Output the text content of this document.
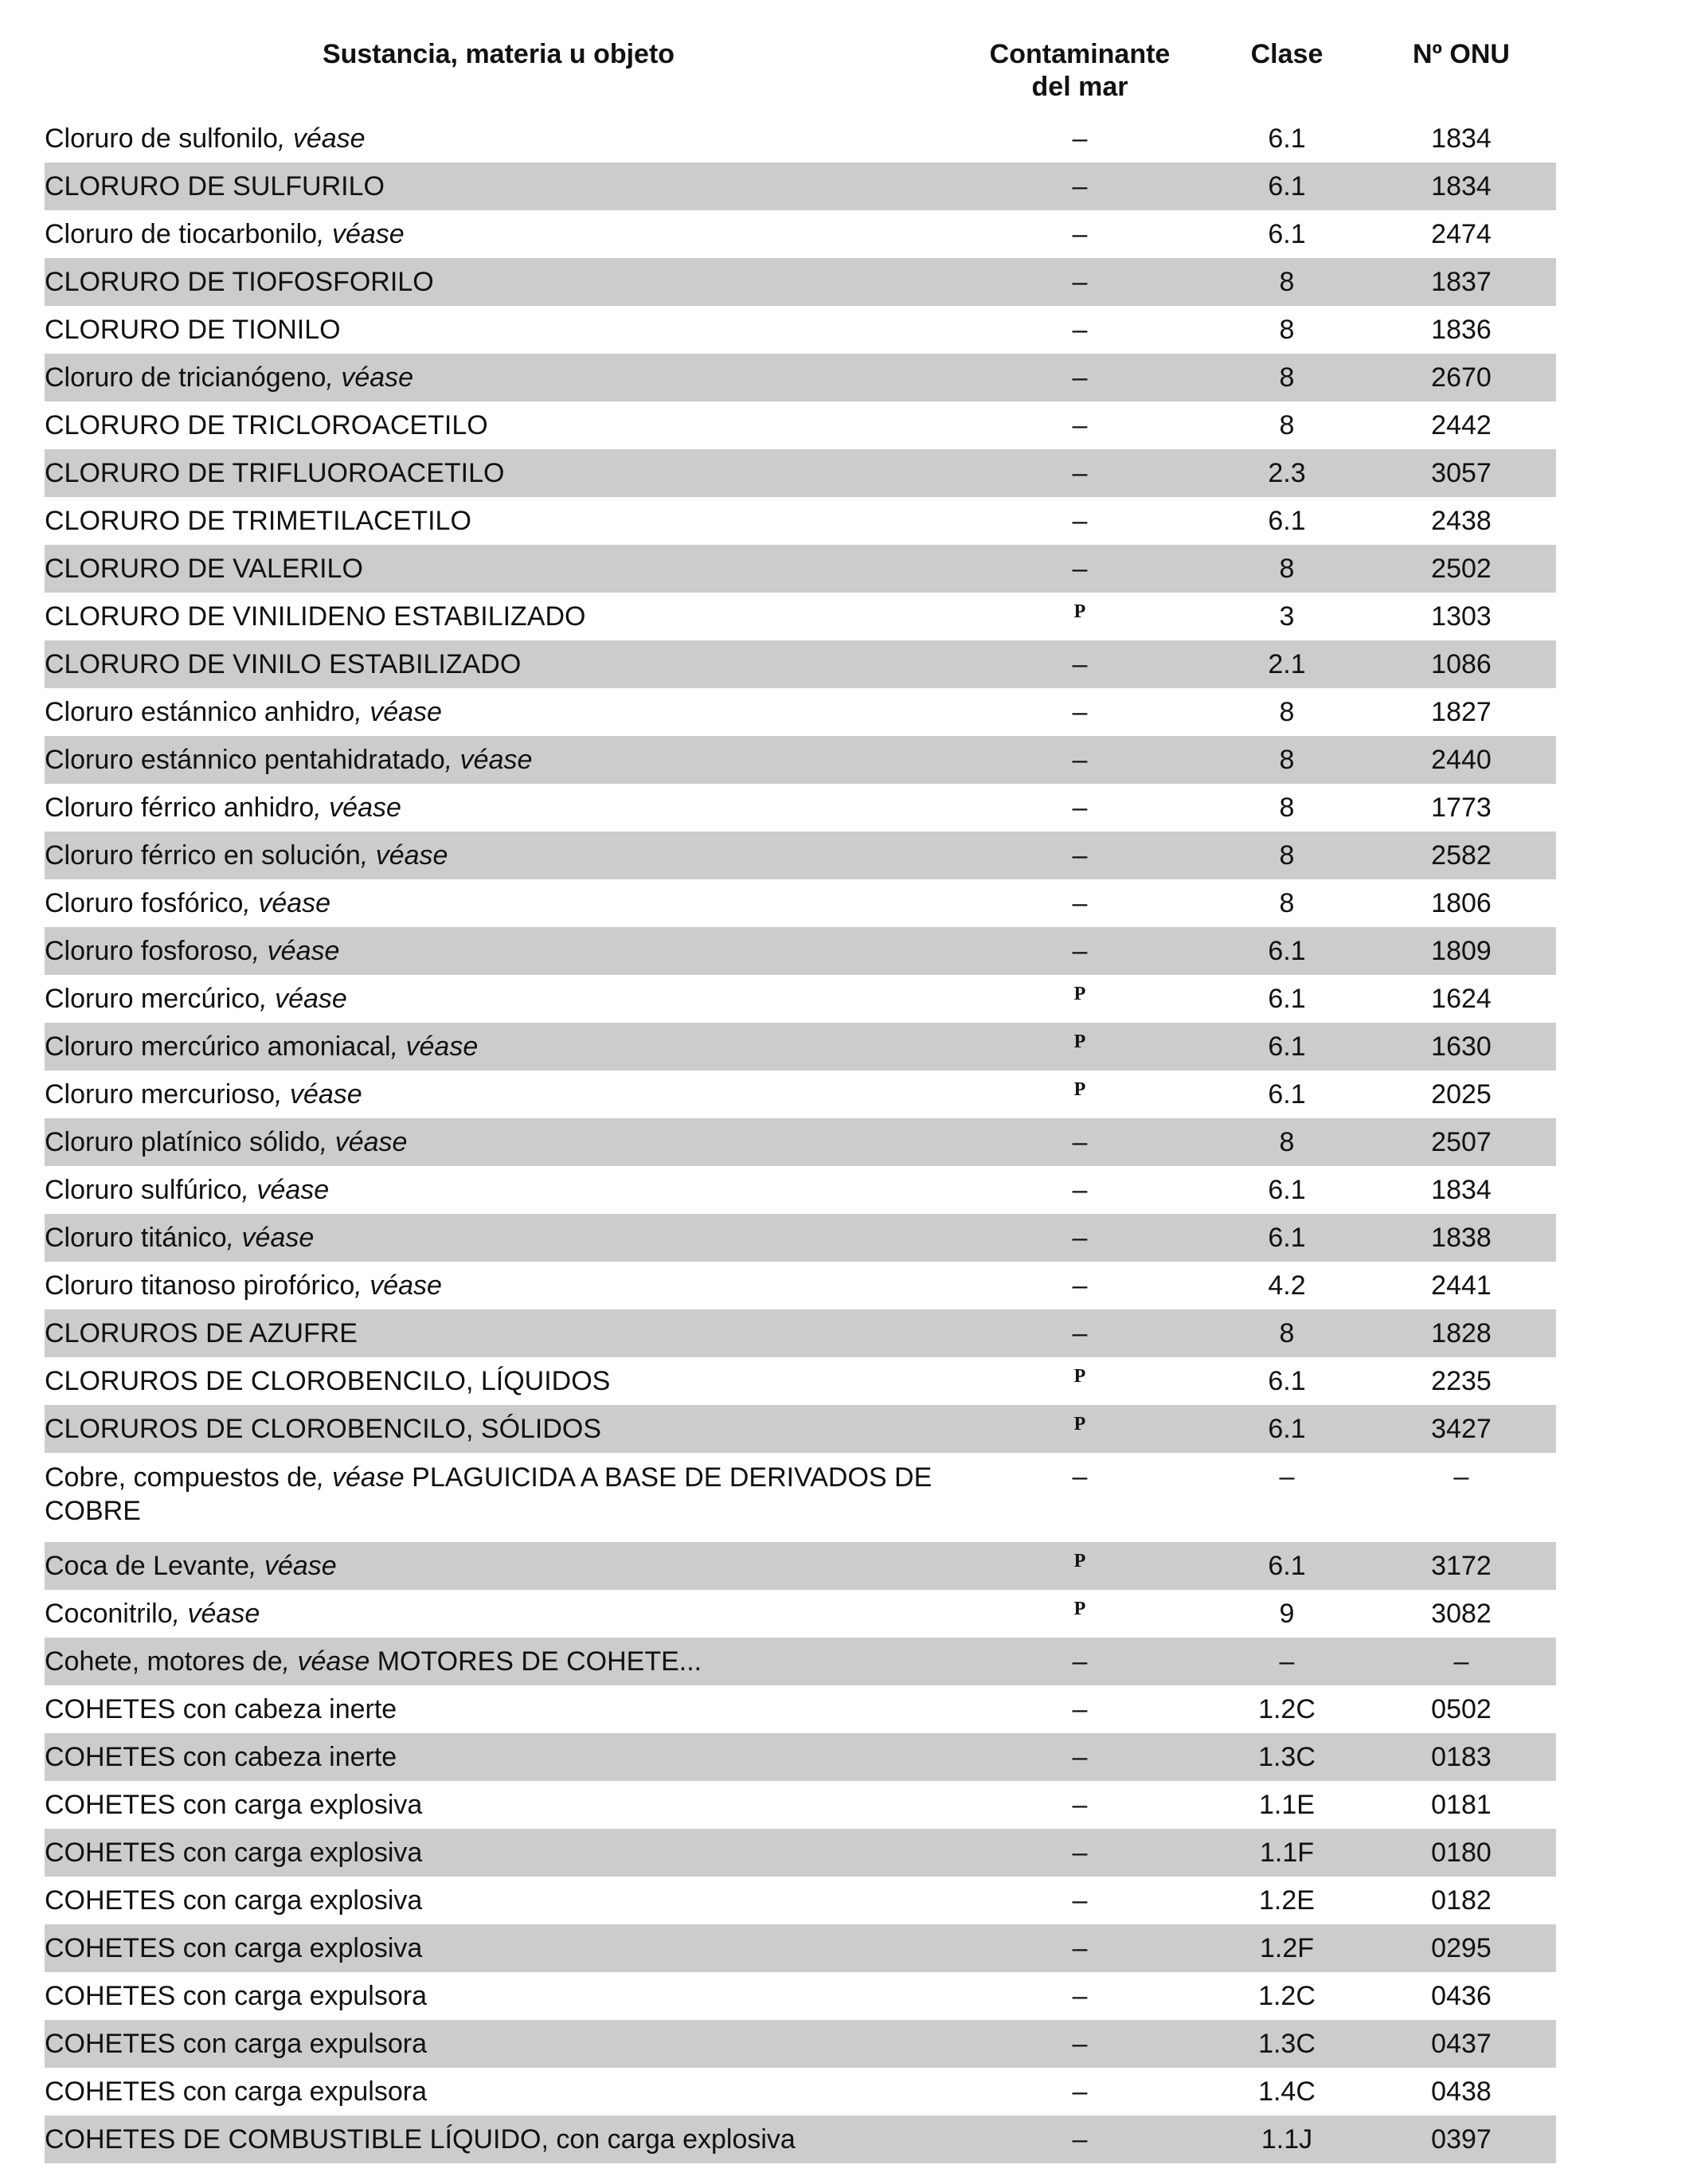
Sustancia, materia u objeto	Contaminante del mar	Clase	Nº ONU
Cloruro de sulfonilo, véase	–	6.1	1834
CLORURO DE SULFURILO	–	6.1	1834
Cloruro de tiocarbonilo, véase	–	6.1	2474
CLORURO DE TIOFOSFORILO	–	8	1837
CLORURO DE TIONILO	–	8	1836
Cloruro de tricianógeno, véase	–	8	2670
CLORURO DE TRICLOROACETILO	–	8	2442
CLORURO DE TRIFLUOROACETILO	–	2.3	3057
CLORURO DE TRIMETILACETILO	–	6.1	2438
CLORURO DE VALERILO	–	8	2502
CLORURO DE VINILIDENO ESTABILIZADO	$^P$	3	1303
CLORURO DE VINILO ESTABILIZADO	–	2.1	1086
Cloruro estánnico anhidro, véase	–	8	1827
Cloruro estánnico pentahidratado, véase	–	8	2440
Cloruro férrico anhidro, véase	–	8	1773
Cloruro férrico en solución, véase	–	8	2582
Cloruro fosfórico, véase	–	8	1806
Cloruro fosforoso, véase	–	6.1	1809
Cloruro mercúrico, véase	$^P$	6.1	1624
Cloruro mercúrico amoniacal, véase	$^P$	6.1	1630
Cloruro mercurioso, véase	$^P$	6.1	2025
Cloruro platínico sólido, véase	–	8	2507
Cloruro sulfúrico, véase	–	6.1	1834
Cloruro titánico, véase	–	6.1	1838
Cloruro titanoso pirofórico, véase	–	4.2	2441
CLORUROS DE AZUFRE	–	8	1828
CLORUROS DE CLOROBENCILO, LÍQUIDOS	$^P$	6.1	2235
CLORUROS DE CLOROBENCILO, SÓLIDOS	$^P$	6.1	3427
Cobre, compuestos de, véase PLAGUICIDA A BASE DE DERIVADOS DE COBRE	–	–	–
Coca de Levante, véase	$^P$	6.1	3172
Coconitrilo, véase	$^P$	9	3082
Cohete, motores de, véase MOTORES DE COHETE...	–	–	–
COHETES con cabeza inerte	–	1.2C	0502
COHETES con cabeza inerte	–	1.3C	0183
COHETES con carga explosiva	–	1.1E	0181
COHETES con carga explosiva	–	1.1F	0180
COHETES con carga explosiva	–	1.2E	0182
COHETES con carga explosiva	–	1.2F	0295
COHETES con carga expulsora	–	1.2C	0436
COHETES con carga expulsora	–	1.3C	0437
COHETES con carga expulsora	–	1.4C	0438
COHETES DE COMBUSTIBLE LÍQUIDO, con carga explosiva	–	1.1J	0397
